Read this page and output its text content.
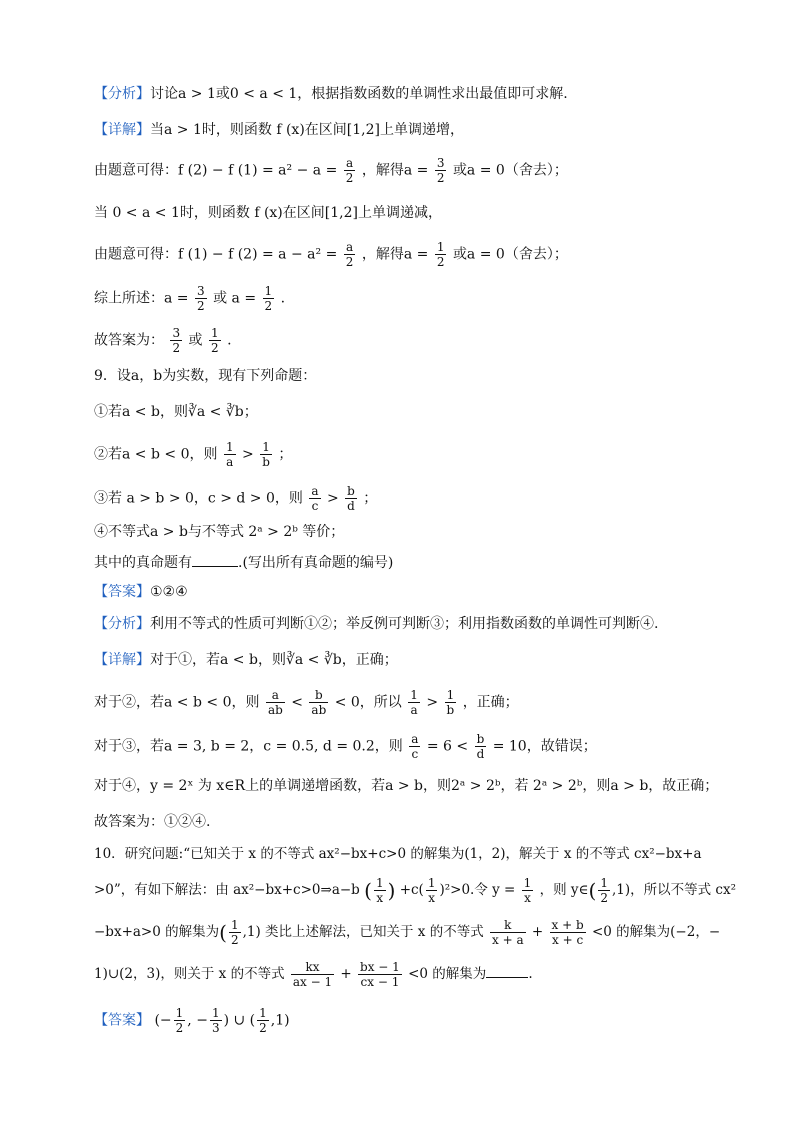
【分析】讨论a > 1或0 < a < 1，根据指数函数的单调性求出最值即可求解.
【详解】当a > 1时，则函数 f (x)在区间[1,2]上单调递增，
由题意可得：f (2) − f $(1) = a^2 - a = \frac{a}{2}$ ，解得$a = \frac{3}{2}$ 或a = 0（舍去）；
当 0 < a < 1时，则函数 f (x)在区间[1,2]上单调递减，
由题意可得：f (1) − f $(2) = a - a^2 = \frac{a}{2}$ ，解得$a = \frac{1}{2}$ 或a = 0（舍去）；
综上所述：$a = \frac{3}{2}$ 或 $a = \frac{1}{2}$ .
故答案为： $\frac{3}{2}$ 或 $\frac{1}{2}$ .
9．设a，b为实数，现有下列命题：
①若a < b，则∛a < ∛b；
②若a < b < 0，则 $\frac{1}{a} > \frac{1}{b}$ ；
③若 a > b > 0，c > d > 0，则 $\frac{a}{c} > \frac{b}{d}$ ；
④不等式a > b与不等式 2ᵃ > 2ᵇ 等价；
其中的真命题有	.(写出所有真命题的编号)
【答案】①②④
【分析】利用不等式的性质可判断①②；举反例可判断③；利用指数函数的单调性可判断④.
【详解】对于①，若a < b，则∛a < ∛b，正确；
对于②，若a < b < 0，则 $\frac{a}{ab} < \frac{b}{ab} < 0$，所以 $\frac{1}{a} > \frac{1}{b}$ ，正确；
对于③，若a = 3, b = 2，c = 0.5, d = 0.2，则 $\frac{a}{c} = 6 < \frac{b}{d} = 10$，故错误；
对于④，y = 2ˣ 为 x∈R上的单调递增函数，若a > b，则2ᵃ > 2ᵇ，若 2ᵃ > 2ᵇ，则a > b，故正确；
故答案为：①②④.
10．研究问题:“已知关于 x 的不等式 ax²−bx+c>0 的解集为(1，2)，解关于 x 的不等式 cx²−bx+a
>0”，有如下解法：由 ax²−bx+c>0⇒a−b ( $\frac{1}{x}$ ) $+c( \frac{1}{x} )^2>0$.令 $y = \frac{1}{x}$ ，则 y∈( $\frac{1}{2} ,1$)，所以不等式 cx²
−bx+a>0 的解集为( $\frac{1}{2} ,1$) 类比上述解法，已知关于 x 的不等式 $\frac{k}{x + a} + \frac{x + b}{x + c} <0$ 的解集为(−2，−
1)∪(2，3)，则关于 x 的不等式 $\frac{kx}{ax - 1} + \frac{bx - 1}{cx - 1} <0$ 的解集为	.
【答案】 (− $\frac{1}{2}$ , − $\frac{1}{3}$ ) ∪ ( $\frac{1}{2} ,1$)
